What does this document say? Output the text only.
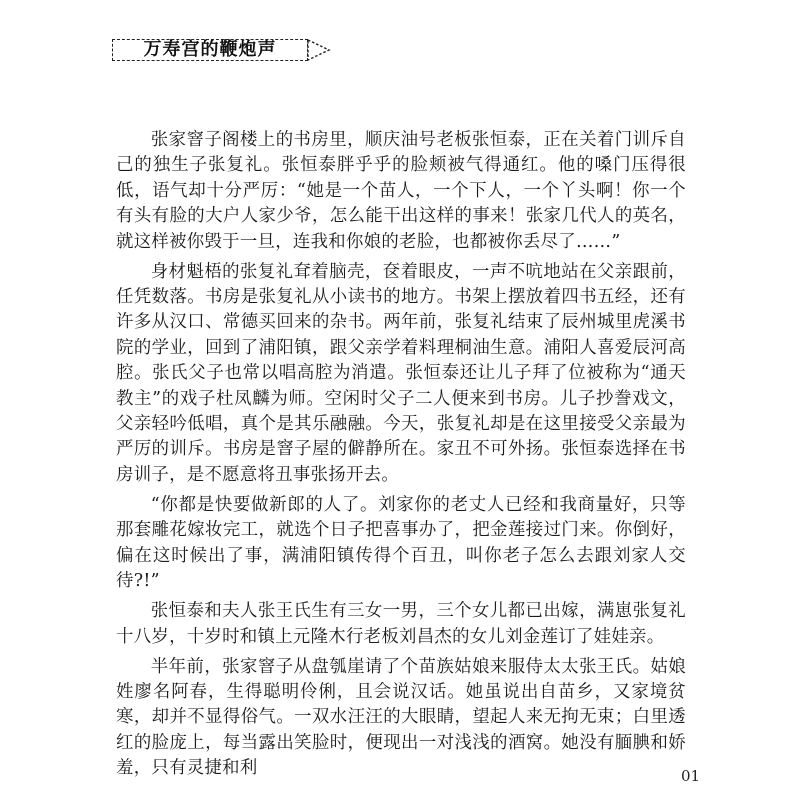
万寿宫的鞭炮声

张家窨子阁楼上的书房里，顺庆油号老板张恒泰，正在关着门训斥自己的独生子张复礼。张恒泰胖乎乎的脸颊被气得通红。他的嗓门压得很低，语气却十分严厉：“她是一个苗人，一个下人，一个丫头啊！你一个有头有脸的大户人家少爷，怎么能干出这样的事来！张家几代人的英名，就这样被你毁于一旦，连我和你娘的老脸，也都被你丢尽了……”

身材魁梧的张复礼耷着脑壳，奁着眼皮，一声不吭地站在父亲跟前，任凭数落。书房是张复礼从小读书的地方。书架上摆放着四书五经，还有许多从汉口、常德买回来的杂书。两年前，张复礼结束了辰州城里虎溪书院的学业，回到了浦阳镇，跟父亲学着料理桐油生意。浦阳人喜爱辰河高腔。张氏父子也常以唱高腔为消遣。张恒泰还让儿子拜了位被称为“通天教主”的戏子杜凤麟为师。空闲时父子二人便来到书房。儿子抄誊戏文，父亲轻吟低唱，真个是其乐融融。今天，张复礼却是在这里接受父亲最为严厉的训斥。书房是窨子屋的僻静所在。家丑不可外扬。张恒泰选择在书房训子，是不愿意将丑事张扬开去。

“你都是快要做新郎的人了。刘家你的老丈人已经和我商量好，只等那套雕花嫁妆完工，就选个日子把喜事办了，把金莲接过门来。你倒好，偏在这时候出了事，满浦阳镇传得个百丑，叫你老子怎么去跟刘家人交待?!”

张恒泰和夫人张王氏生有三女一男，三个女儿都已出嫁，满崽张复礼十八岁，十岁时和镇上元隆木行老板刘昌杰的女儿刘金莲订了娃娃亲。

半年前，张家窨子从盘瓠崖请了个苗族姑娘来服侍太太张王氏。姑娘姓廖名阿春，生得聪明伶俐，且会说汉话。她虽说出自苗乡，又家境贫寒，却并不显得俗气。一双水汪汪的大眼睛，望起人来无拘无束；白里透红的脸庞上，每当露出笑脸时，便现出一对浅浅的酒窝。她没有腼腆和娇羞，只有灵捷和利	01
